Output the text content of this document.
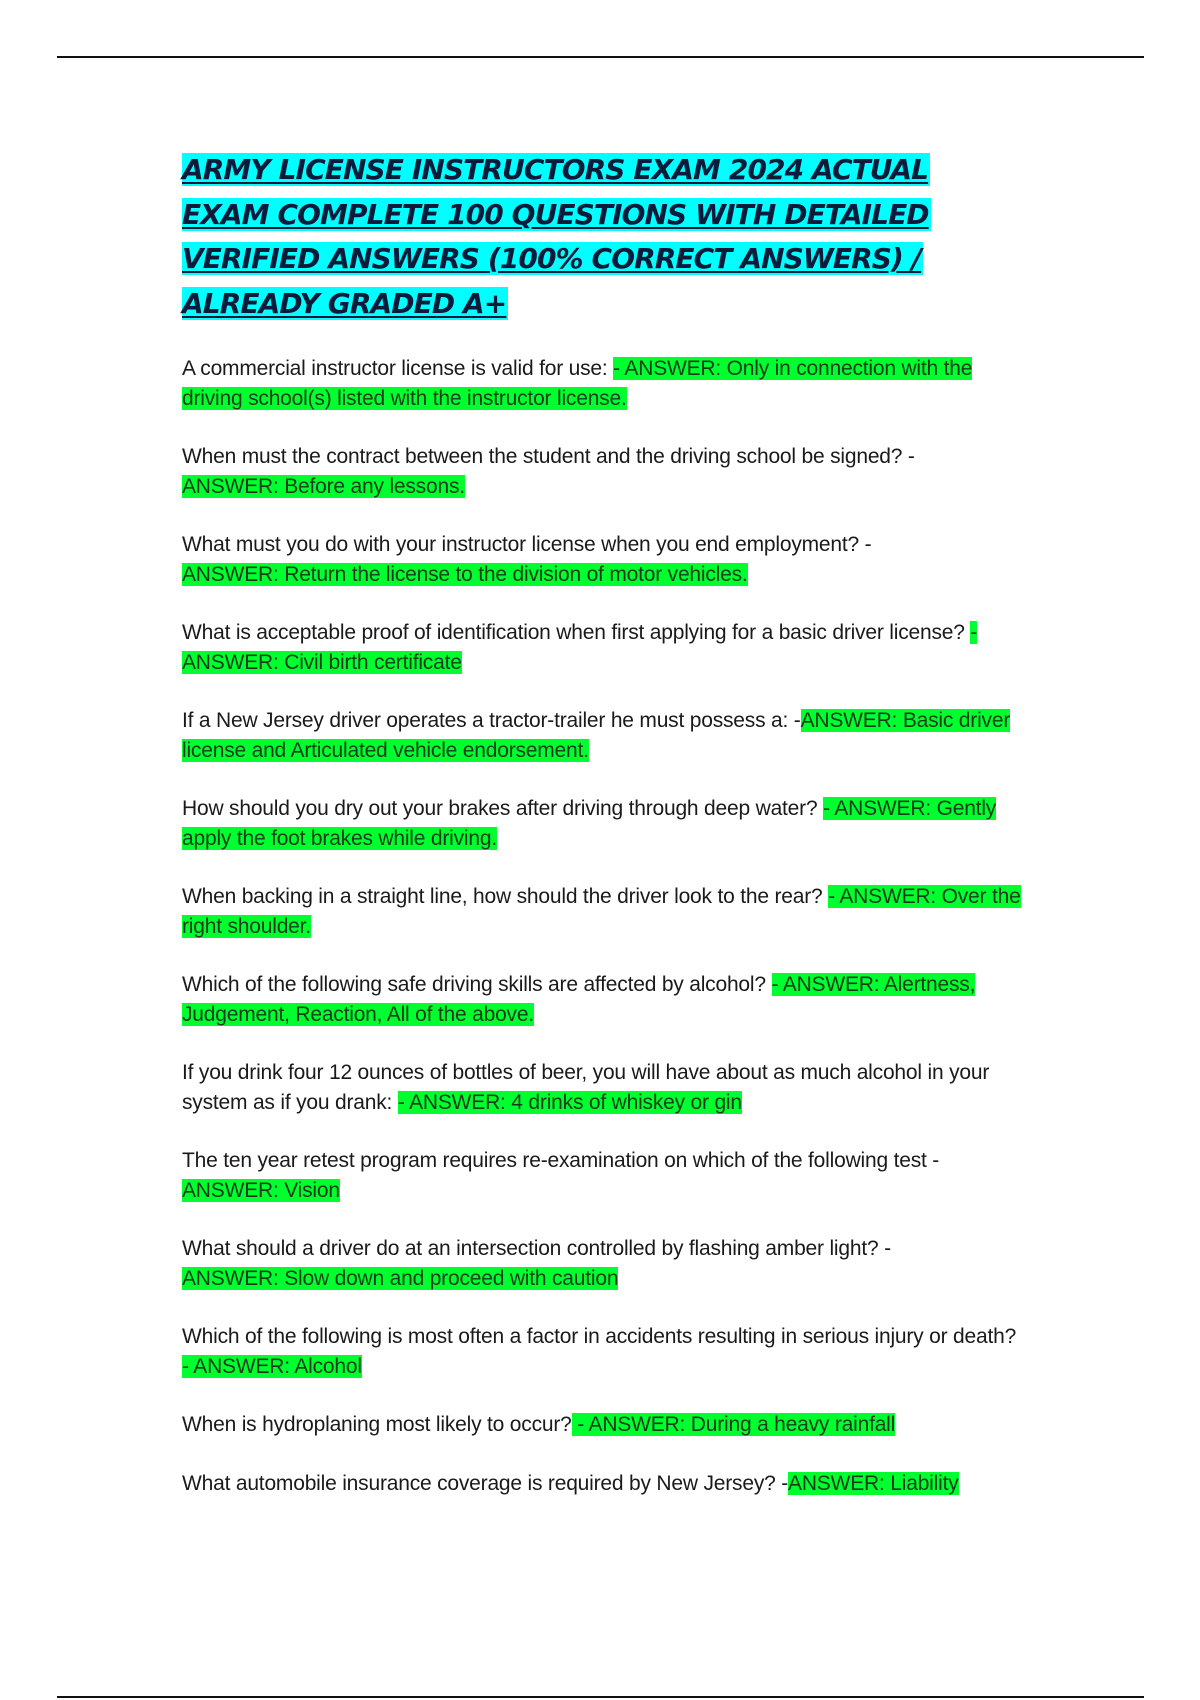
ARMY LICENSE INSTRUCTORS EXAM 2024 ACTUAL EXAM COMPLETE 100 QUESTIONS WITH DETAILED VERIFIED ANSWERS (100% CORRECT ANSWERS) / ALREADY GRADED A+

A commercial instructor license is valid for use: - ANSWER: Only in connection with the driving school(s) listed with the instructor license.

When must the contract between the student and the driving school be signed? -
ANSWER: Before any lessons.

What must you do with your instructor license when you end employment? -
ANSWER: Return the license to the division of motor vehicles.

What is acceptable proof of identification when first applying for a basic driver license? - ANSWER: Civil birth certificate

If a New Jersey driver operates a tractor-trailer he must possess a: -ANSWER: Basic driver license and Articulated vehicle endorsement.

How should you dry out your brakes after driving through deep water? - ANSWER: Gently apply the foot brakes while driving.

When backing in a straight line, how should the driver look to the rear? - ANSWER: Over the right shoulder.

Which of the following safe driving skills are affected by alcohol? - ANSWER: Alertness, Judgement, Reaction, All of the above.

If you drink four 12 ounces of bottles of beer, you will have about as much alcohol in your system as if you drank: - ANSWER: 4 drinks of whiskey or gin

The ten year retest program requires re-examination on which of the following test -
ANSWER: Vision

What should a driver do at an intersection controlled by flashing amber light? -
ANSWER: Slow down and proceed with caution

Which of the following is most often a factor in accidents resulting in serious injury or death? - ANSWER: Alcohol

When is hydroplaning most likely to occur? - ANSWER: During a heavy rainfall

What automobile insurance coverage is required by New Jersey? -ANSWER: Liability
